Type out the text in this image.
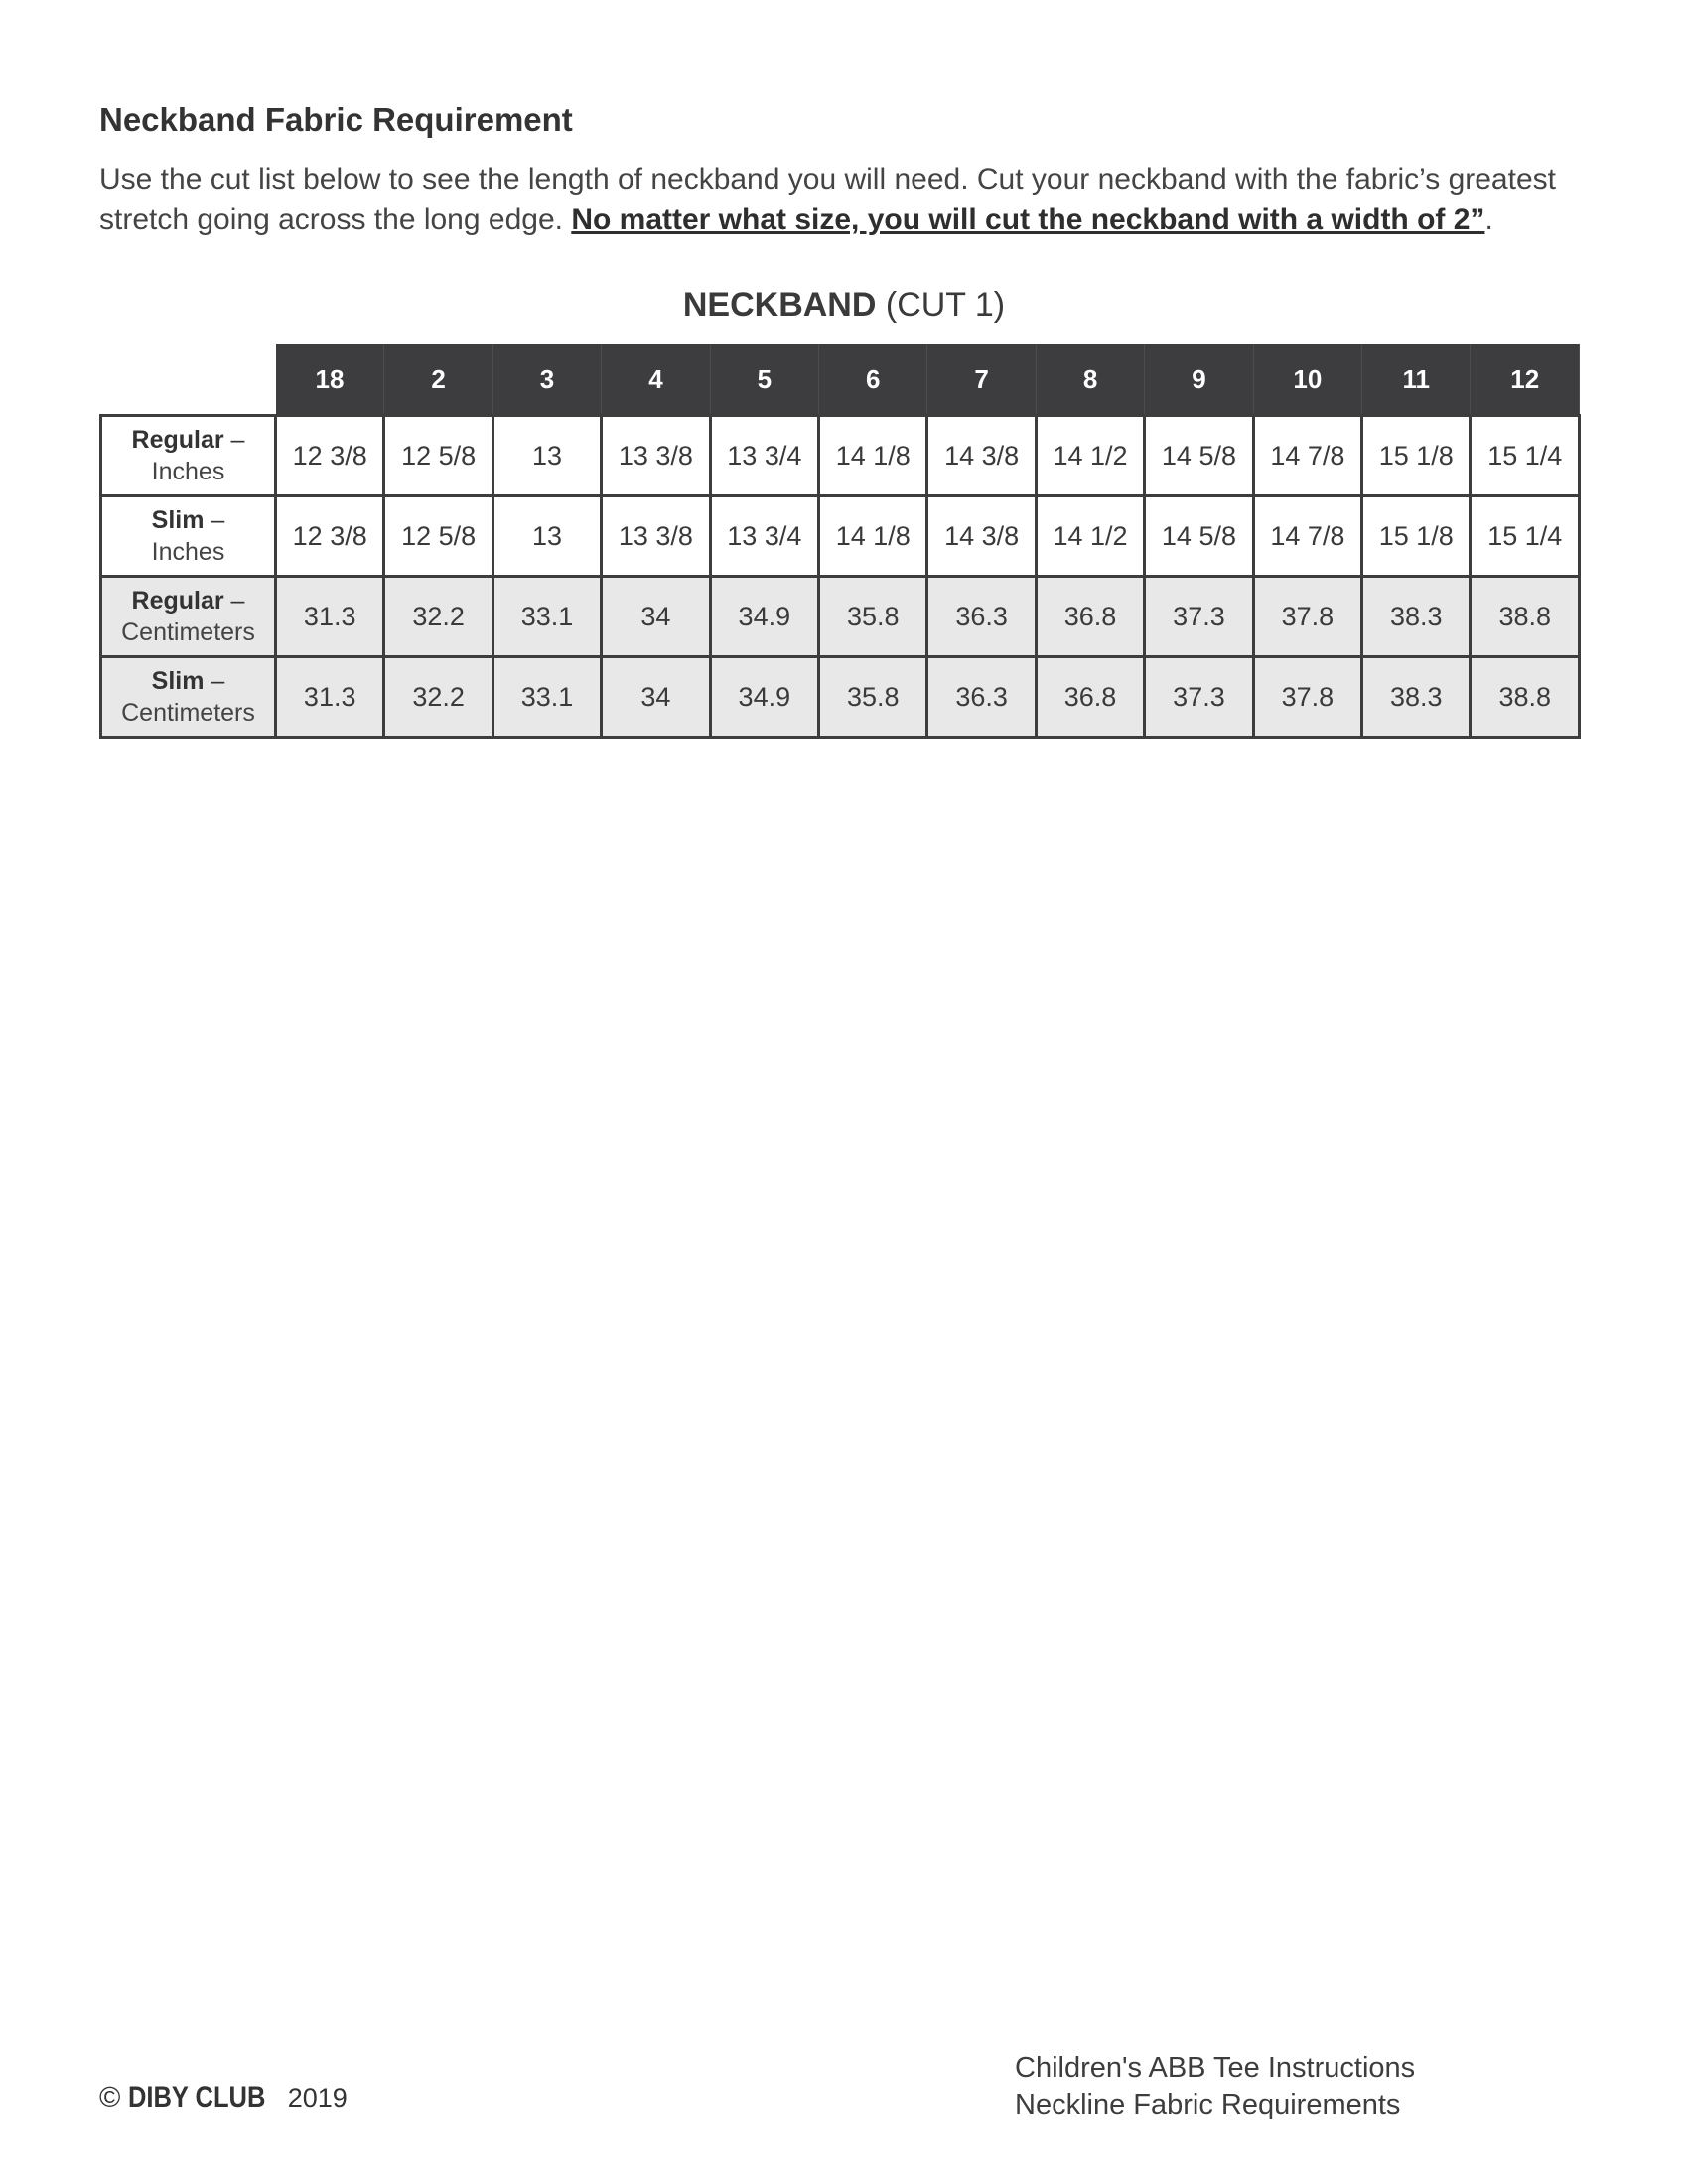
Neckband Fabric Requirement

Use the cut list below to see the length of neckband you will need. Cut your neckband with the fabric’s greatest stretch going across the long edge. No matter what size, you will cut the neckband with a width of 2”.

NECKBAND (CUT 1)
	18	2	3	4	5	6	7	8	9	10	11	12
Regular –
Inches	12 3/8	12 5/8	13	13 3/8	13 3/4	14 1/8	14 3/8	14 1/2	14 5/8	14 7/8	15 1/8	15 1/4
Slim –
Inches	12 3/8	12 5/8	13	13 3/8	13 3/4	14 1/8	14 3/8	14 1/2	14 5/8	14 7/8	15 1/8	15 1/4
Regular –
Centimeters	31.3	32.2	33.1	34	34.9	35.8	36.3	36.8	37.3	37.8	38.3	38.8
Slim –
Centimeters	31.3	32.2	33.1	34	34.9	35.8	36.3	36.8	37.3	37.8	38.3	38.8
© DIBY CLUB 2019
Children's ABB Tee Instructions
Neckline Fabric Requirements
